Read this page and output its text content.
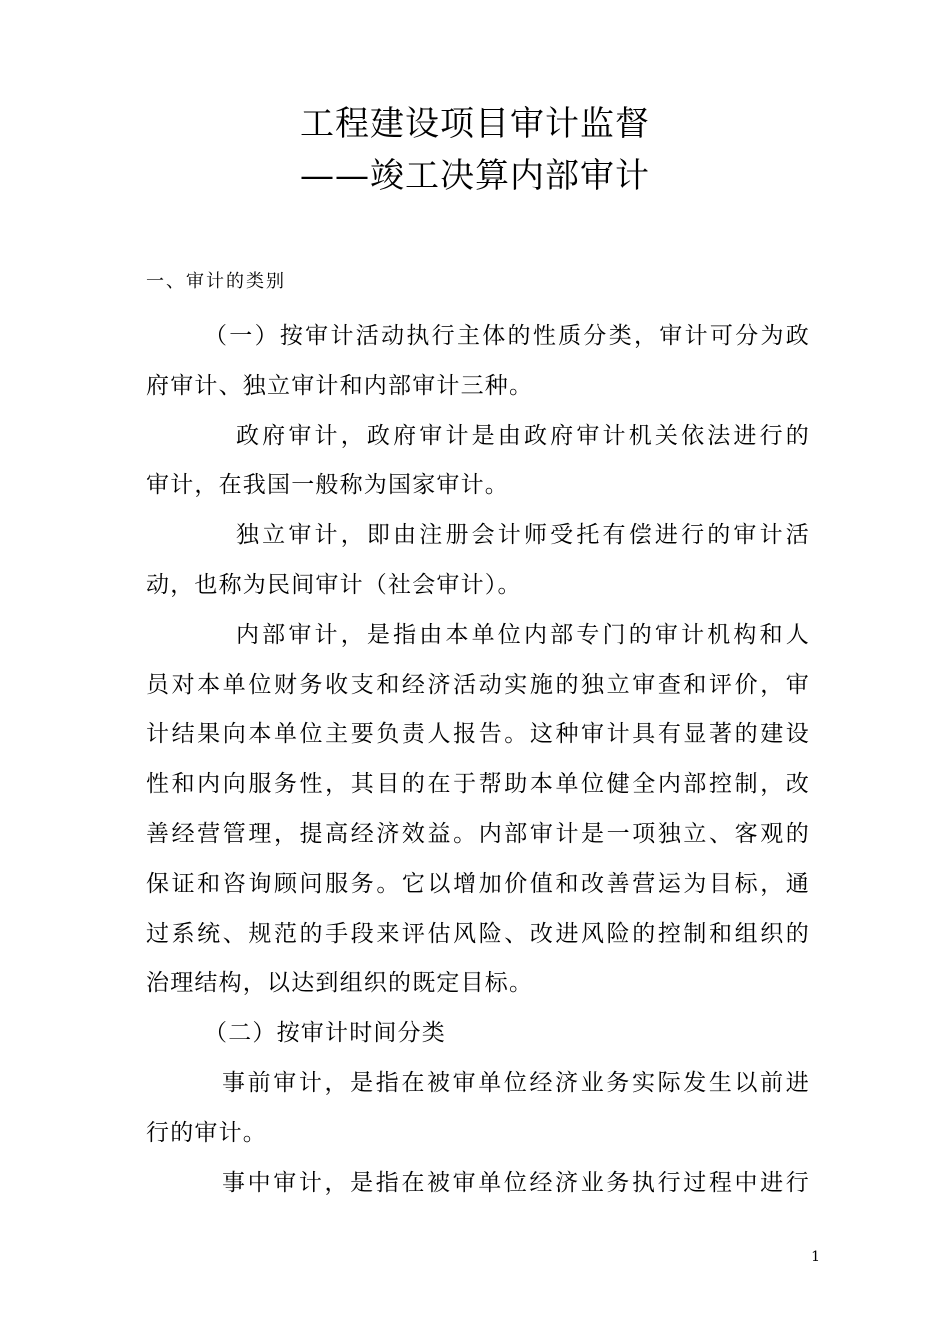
工程建设项目审计监督
——竣工决算内部审计
一、审计的类别
（一）按审计活动执行主体的性质分类，审计可分为政
府审计、独立审计和内部审计三种。
政府审计，政府审计是由政府审计机关依法进行的
审计，在我国一般称为国家审计。
独立审计，即由注册会计师受托有偿进行的审计活
动，也称为民间审计（社会审计）。
内部审计，是指由本单位内部专门的审计机构和人
员对本单位财务收支和经济活动实施的独立审查和评价，审
计结果向本单位主要负责人报告。这种审计具有显著的建设
性和内向服务性，其目的在于帮助本单位健全内部控制，改
善经营管理，提高经济效益。内部审计是一项独立、客观的
保证和咨询顾问服务。它以增加价值和改善营运为目标，通
过系统、规范的手段来评估风险、改进风险的控制和组织的
治理结构，以达到组织的既定目标。
（二）按审计时间分类
事前审计，是指在被审单位经济业务实际发生以前进
行的审计。
事中审计，是指在被审单位经济业务执行过程中进行
1
